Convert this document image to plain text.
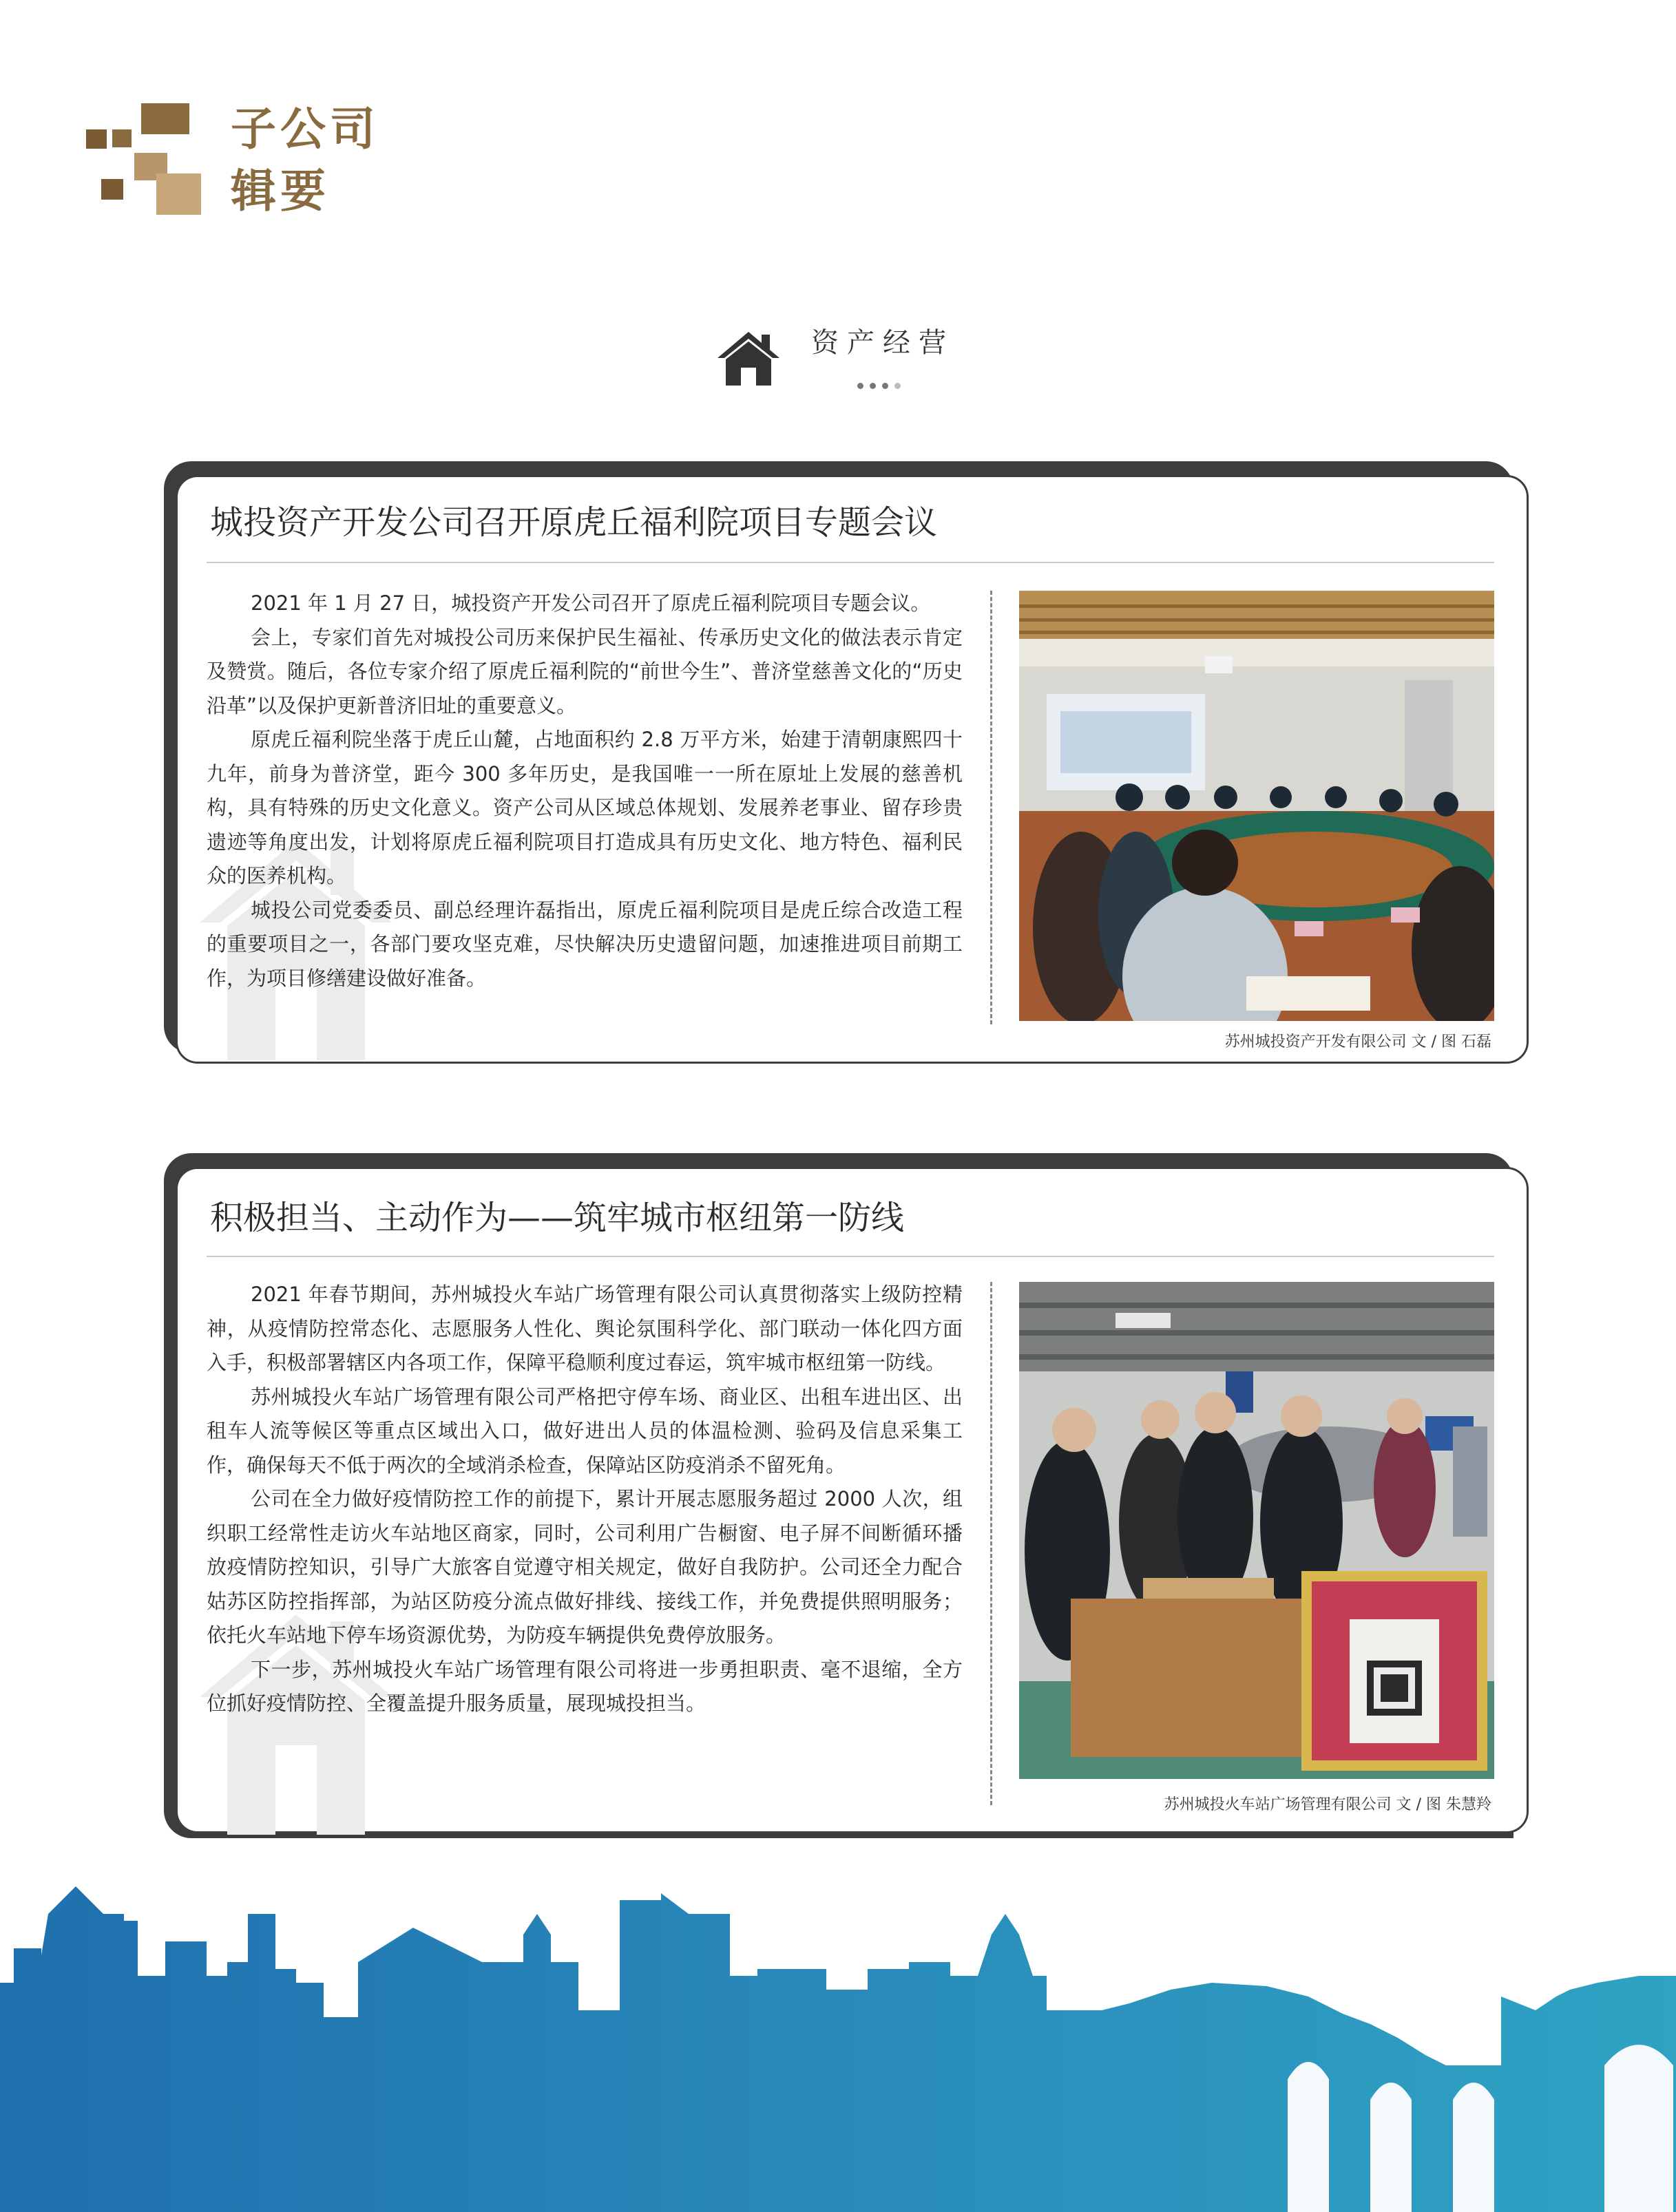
子公司
辑要
资产经营
城投资产开发公司召开原虎丘福利院项目专题会议

2021 年 1 月 27 日，城投资产开发公司召开了原虎丘福利院项目专题会议。

会上，专家们首先对城投公司历来保护民生福祉、传承历史文化的做法表示肯定及赞赏。随后，各位专家介绍了原虎丘福利院的“前世今生”、普济堂慈善文化的“历史沿革”以及保护更新普济旧址的重要意义。

原虎丘福利院坐落于虎丘山麓，占地面积约 2.8 万平方米，始建于清朝康熙四十九年，前身为普济堂，距今 300 多年历史，是我国唯一一所在原址上发展的慈善机构，具有特殊的历史文化意义。资产公司从区域总体规划、发展养老事业、留存珍贵遗迹等角度出发，计划将原虎丘福利院项目打造成具有历史文化、地方特色、福利民众的医养机构。

城投公司党委委员、副总经理许磊指出，原虎丘福利院项目是虎丘综合改造工程的重要项目之一，各部门要攻坚克难，尽快解决历史遗留问题，加速推进项目前期工作，为项目修缮建设做好准备。

苏州城投资产开发有限公司 文 / 图 石磊
积极担当、主动作为——筑牢城市枢纽第一防线

2021 年春节期间，苏州城投火车站广场管理有限公司认真贯彻落实上级防控精神，从疫情防控常态化、志愿服务人性化、舆论氛围科学化、部门联动一体化四方面入手，积极部署辖区内各项工作，保障平稳顺利度过春运，筑牢城市枢纽第一防线。

苏州城投火车站广场管理有限公司严格把守停车场、商业区、出租车进出区、出租车人流等候区等重点区域出入口，做好进出人员的体温检测、验码及信息采集工作，确保每天不低于两次的全域消杀检查，保障站区防疫消杀不留死角。

公司在全力做好疫情防控工作的前提下，累计开展志愿服务超过 2000 人次，组织职工经常性走访火车站地区商家，同时，公司利用广告橱窗、电子屏不间断循环播放疫情防控知识，引导广大旅客自觉遵守相关规定，做好自我防护。公司还全力配合姑苏区防控指挥部，为站区防疫分流点做好排线、接线工作，并免费提供照明服务；依托火车站地下停车场资源优势，为防疫车辆提供免费停放服务。

下一步，苏州城投火车站广场管理有限公司将进一步勇担职责、毫不退缩，全方位抓好疫情防控、全覆盖提升服务质量，展现城投担当。

苏州城投火车站广场管理有限公司 文 / 图 朱慧羚
